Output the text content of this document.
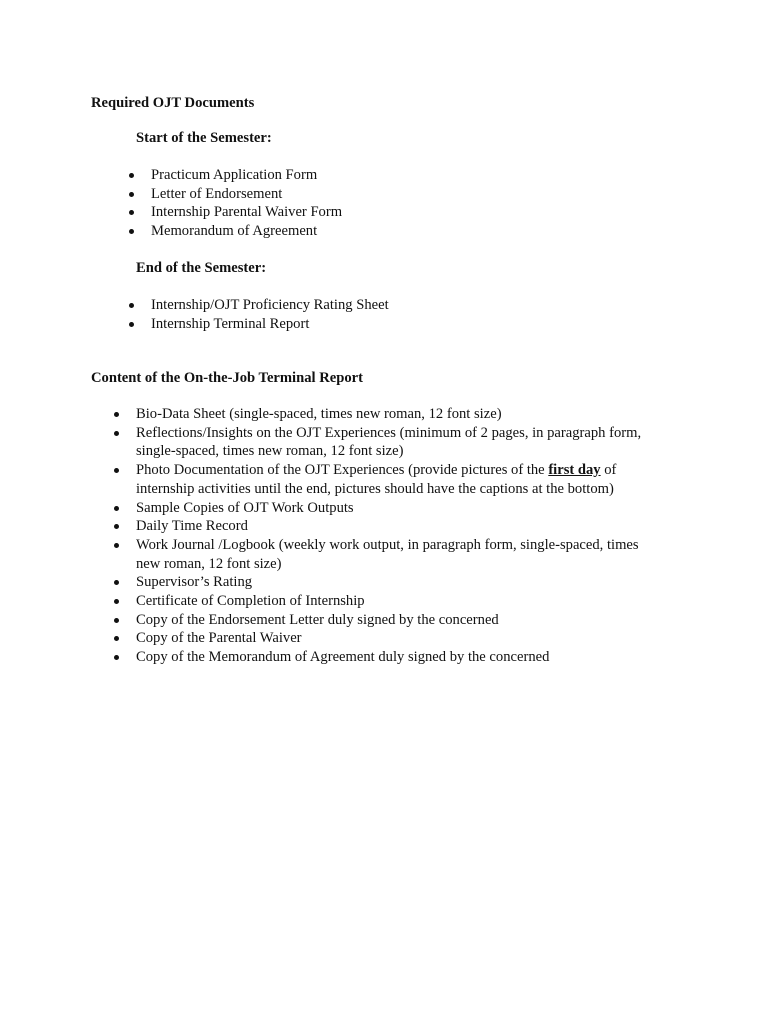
Required OJT Documents

Start of the Semester:

Practicum Application Form
Letter of Endorsement
Internship Parental Waiver Form
Memorandum of Agreement

End of the Semester:

Internship/OJT Proficiency Rating Sheet
Internship Terminal Report

Content of the On-the-Job Terminal Report

Bio-Data Sheet (single-spaced, times new roman, 12 font size)
Reflections/Insights on the OJT Experiences (minimum of 2 pages, in paragraph form, single-spaced, times new roman, 12 font size)
Photo Documentation of the OJT Experiences (provide pictures of the first day of internship activities until the end, pictures should have the captions at the bottom)
Sample Copies of OJT Work Outputs
Daily Time Record
Work Journal /Logbook (weekly work output, in paragraph form, single-spaced, times new roman, 12 font size)
Supervisor’s Rating
Certificate of Completion of Internship
Copy of the Endorsement Letter duly signed by the concerned
Copy of the Parental Waiver
Copy of the Memorandum of Agreement duly signed by the concerned
